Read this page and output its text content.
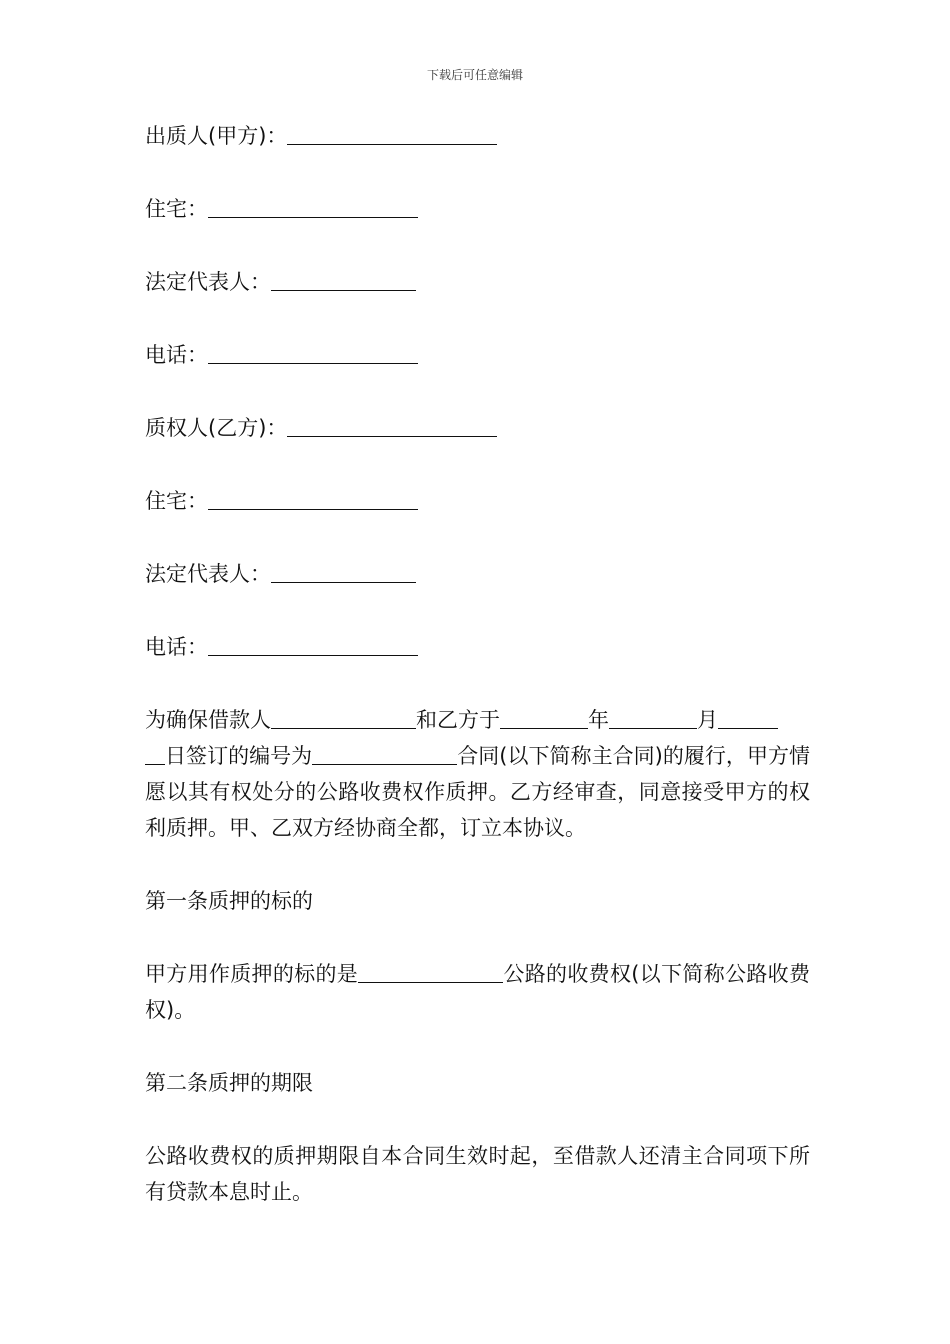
下载后可任意编辑
出质人(甲方)：
住宅：
法定代表人：
电话：
质权人(乙方)：
住宅：
法定代表人：
电话：

为确保借款人	和乙方于	年	月
日签订的编号为	合同(以下简称主合同)的履行，甲方情愿以其有权处分的公路收费权作质押。乙方经审查，同意接受甲方的权利质押。甲、乙双方经协商全都，订立本协议。

第一条质押的标的

甲方用作质押的标的是	公路的收费权(以下简称公路收费权)。

第二条质押的期限

公路收费权的质押期限自本合同生效时起，至借款人还清主合同项下所有贷款本息时止。
